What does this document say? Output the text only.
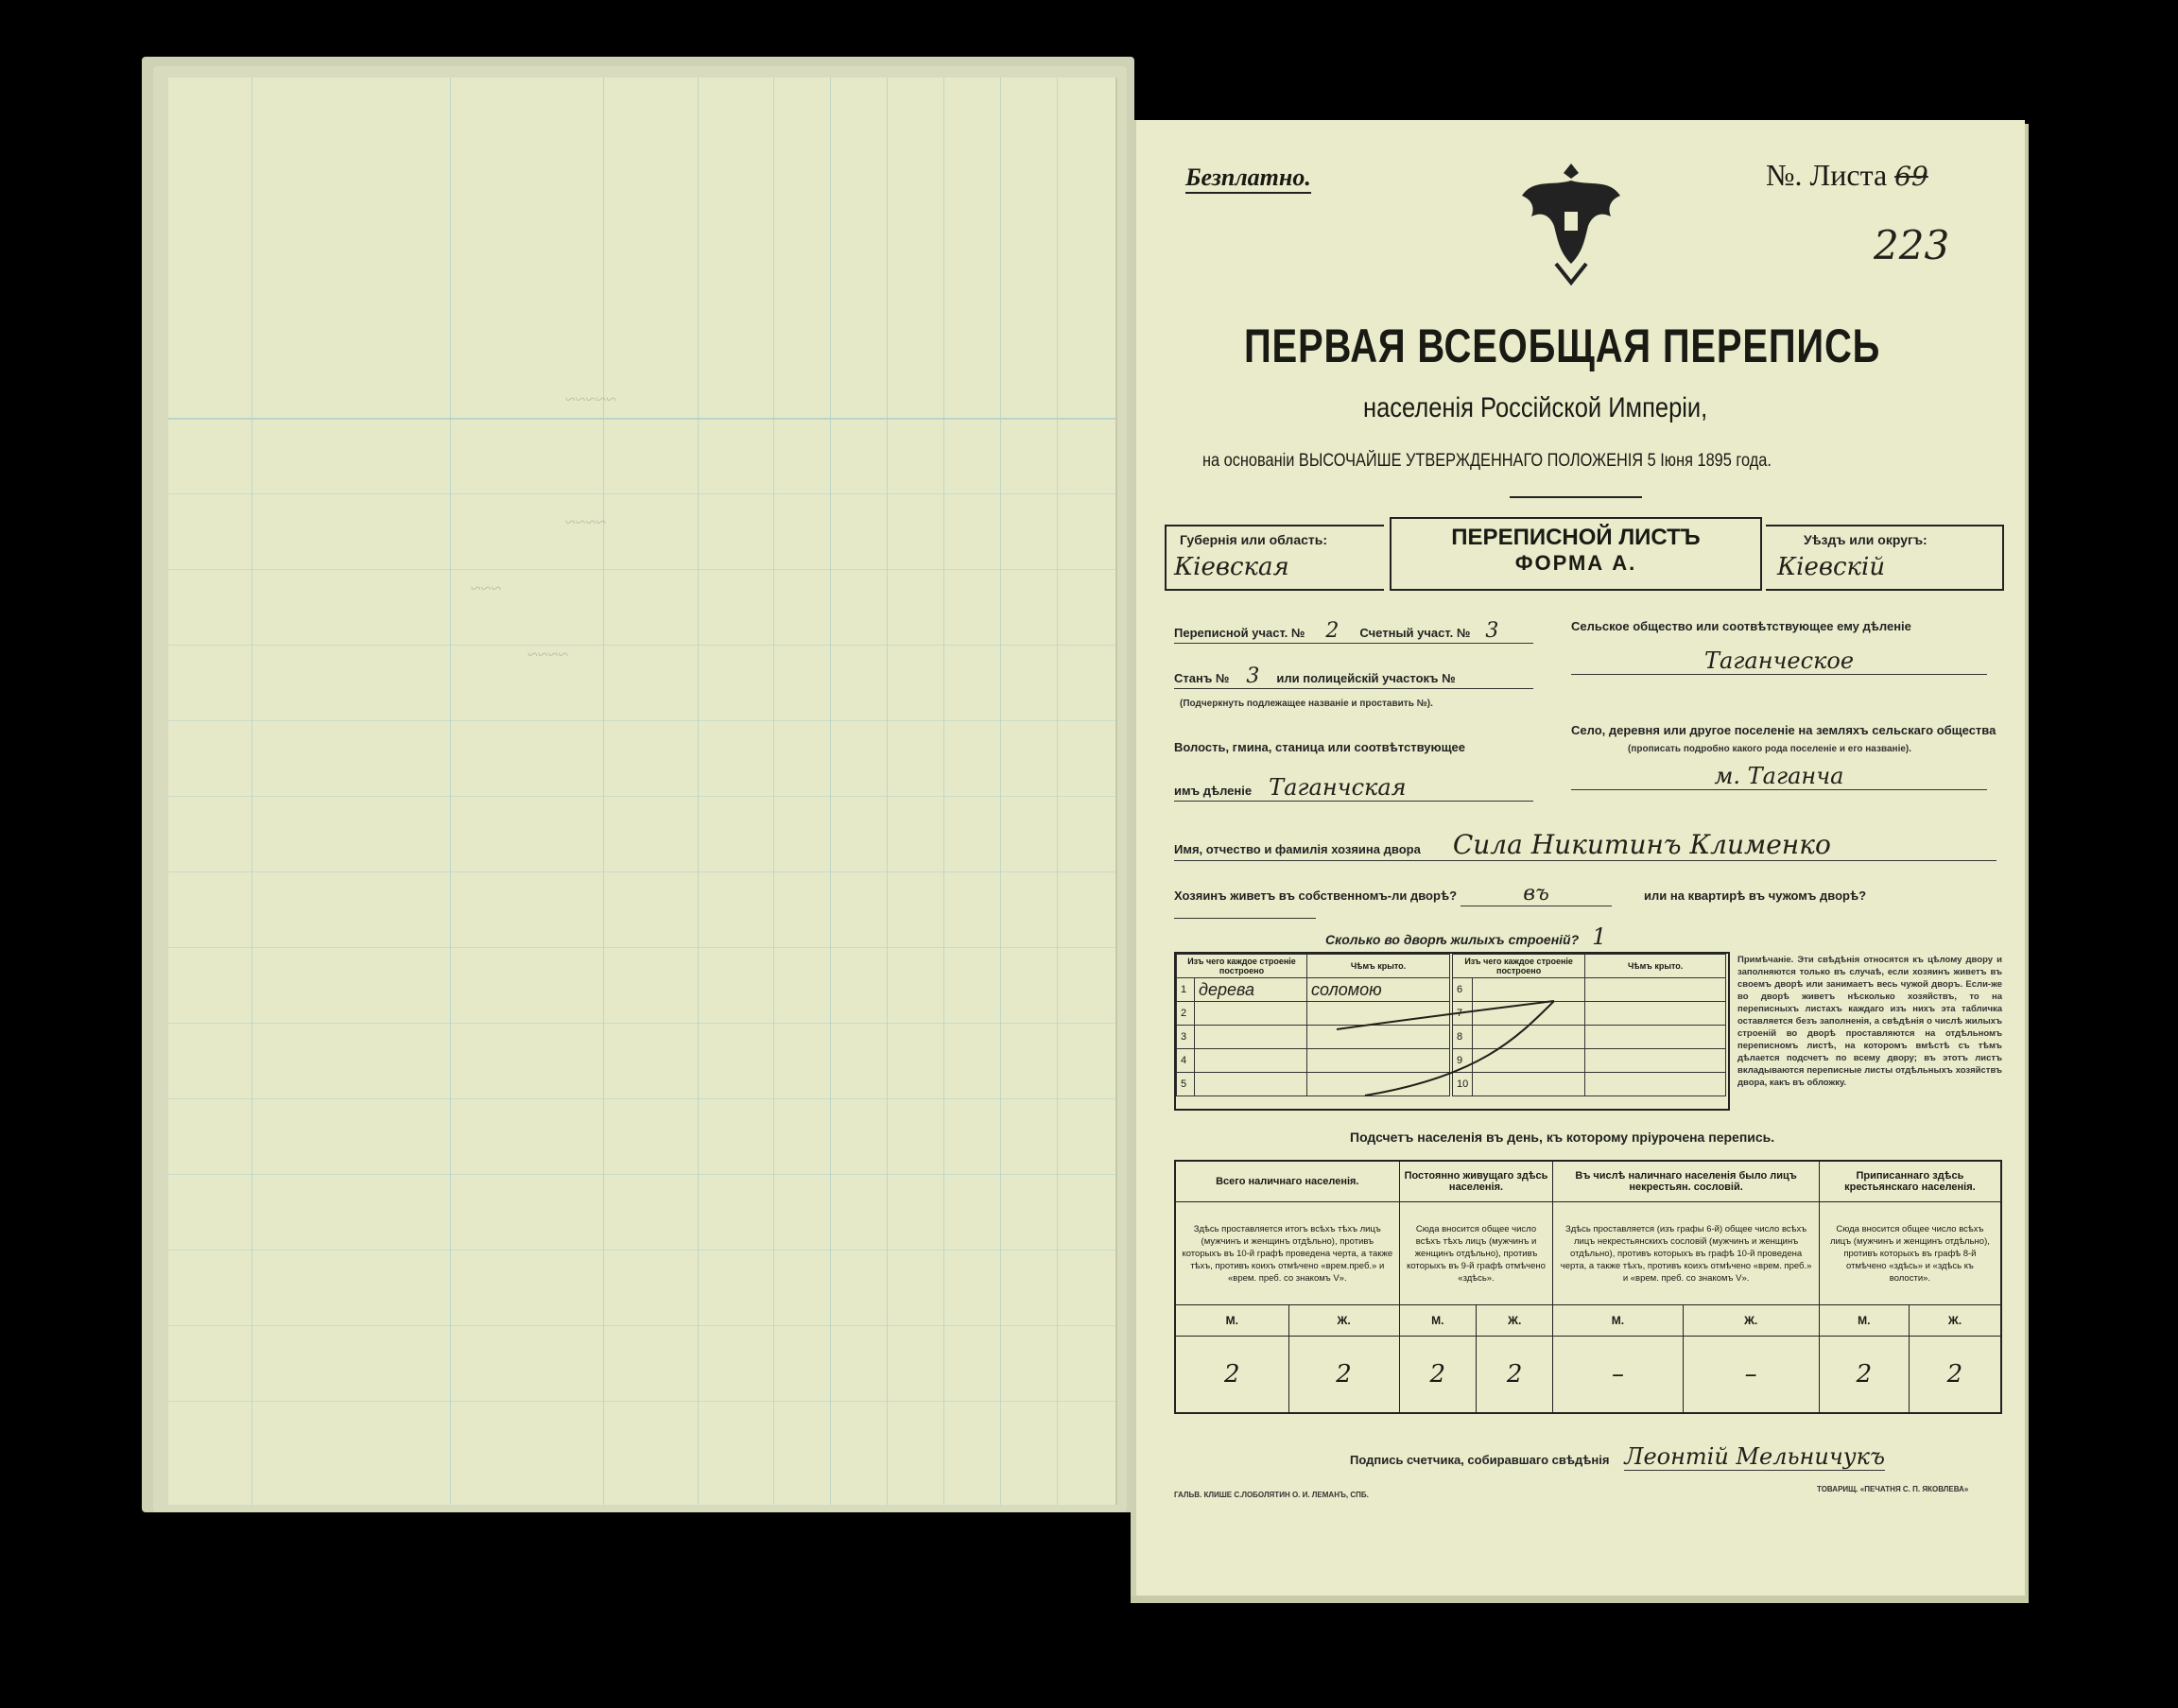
~~~~~
~~~~
~~~
~~~~
Безплатно.	№. Листа 69
223
ПЕРВАЯ ВСЕОБЩАЯ ПЕРЕПИСЬ
населенія Россійской Имперіи,
на основаніи ВЫСОЧАЙШЕ УТВЕРЖДЕННАГО ПОЛОЖЕНІЯ 5 Іюня 1895 года.
Губернія или область:
Кіевская
ПЕРЕПИСНОЙ ЛИСТЪ
ФОРМА А.
Уѣздъ или округъ:
Кіевскій
Переписной участ. № 2 Счетный участ. № 3
Станъ № 3 или полицейскій участокъ №
(Подчеркнуть подлежащее названіе и проставить №).
Волость, гмина, станица или соотвѣтствующее
имъ дѣленіе Таганчская
Сельское общество или соотвѣтствующее ему дѣленіе
Таганческое
Село, деревня или другое поселеніе на земляхъ сельскаго общества
(прописать подробно какого рода поселеніе и его названіе).
м. Таганча
Имя, отчество и фамилія хозяина двора Сила Никитинъ Клименко
Хозяинъ живетъ въ собственномъ-ли дворѣ?	въ	или на квартирѣ въ чужомъ дворѣ?
Сколько во дворѣ жилыхъ строеній? 1
Изъ чего каждое строеніе построено		Чѣмъ крыто.
1	дерева	соломою
2		
3		
4		
5		
Изъ чего каждое строеніе построено		Чѣмъ крыто.
6		
7		
8		
9		
10		
Примѣчаніе. Эти свѣдѣнія относятся къ цѣлому двору и заполняются только въ случаѣ, если хозяинъ живетъ въ своемъ дворѣ или занимаетъ весь чужой дворъ. Если-же во дворѣ живетъ нѣсколько хозяйствъ, то на переписныхъ листахъ каждаго изъ нихъ эта табличка оставляется безъ заполненія, а свѣдѣнія о числѣ жилыхъ строеній во дворѣ проставляются на отдѣльномъ переписномъ листѣ, на которомъ вмѣстѣ съ тѣмъ дѣлается подсчетъ по всему двору; въ этотъ листъ вкладываются переписные листы отдѣльныхъ хозяйствъ двора, какъ въ обложку.
Подсчетъ населенія въ день, къ которому пріурочена перепись.
Всего наличнаго населенія.		Постоянно живущаго здѣсь населенія.		Въ числѣ наличнаго населенія было лицъ некрестьян. сословій.		Приписаннаго здѣсь крестьянскаго населенія.	
Здѣсь проставляется итогъ всѣхъ тѣхъ лицъ (мужчинъ и женщинъ отдѣльно), противъ которыхъ въ 10-й графѣ проведена черта, а также тѣхъ, противъ коихъ отмѣчено «врем.преб.» и «врем. преб. со знакомъ V».		Сюда вносится общее число всѣхъ тѣхъ лицъ (мужчинъ и женщинъ отдѣльно), противъ которыхъ въ 9-й графѣ отмѣчено «здѣсь».		Здѣсь проставляется (изъ графы 6-й) общее число всѣхъ лицъ некрестьянскихъ сословій (мужчинъ и женщинъ отдѣльно), противъ которыхъ въ графѣ 10-й проведена черта, а также тѣхъ, противъ коихъ отмѣчено «врем. преб.» и «врем. преб. со знакомъ V».		Сюда вносится общее число всѣхъ лицъ (мужчинъ и женщинъ отдѣльно), противъ которыхъ въ графѣ 8-й отмѣчено «здѣсь» и «здѣсь къ волости».	
М.	Ж.	М.	Ж.	М.	Ж.	М.	Ж.
2	2	2	2	–	–	2	2
Подпись счетчика, собиравшаго свѣдѣнія Леонтій Мельничукъ
ГАЛЬВ. КЛИШЕ С.ЛОБОЛЯТИН О. И. ЛЕМАНЪ, СПБ.
ТОВАРИЩ. «ПЕЧАТНЯ С. П. ЯКОВЛЕВА»
